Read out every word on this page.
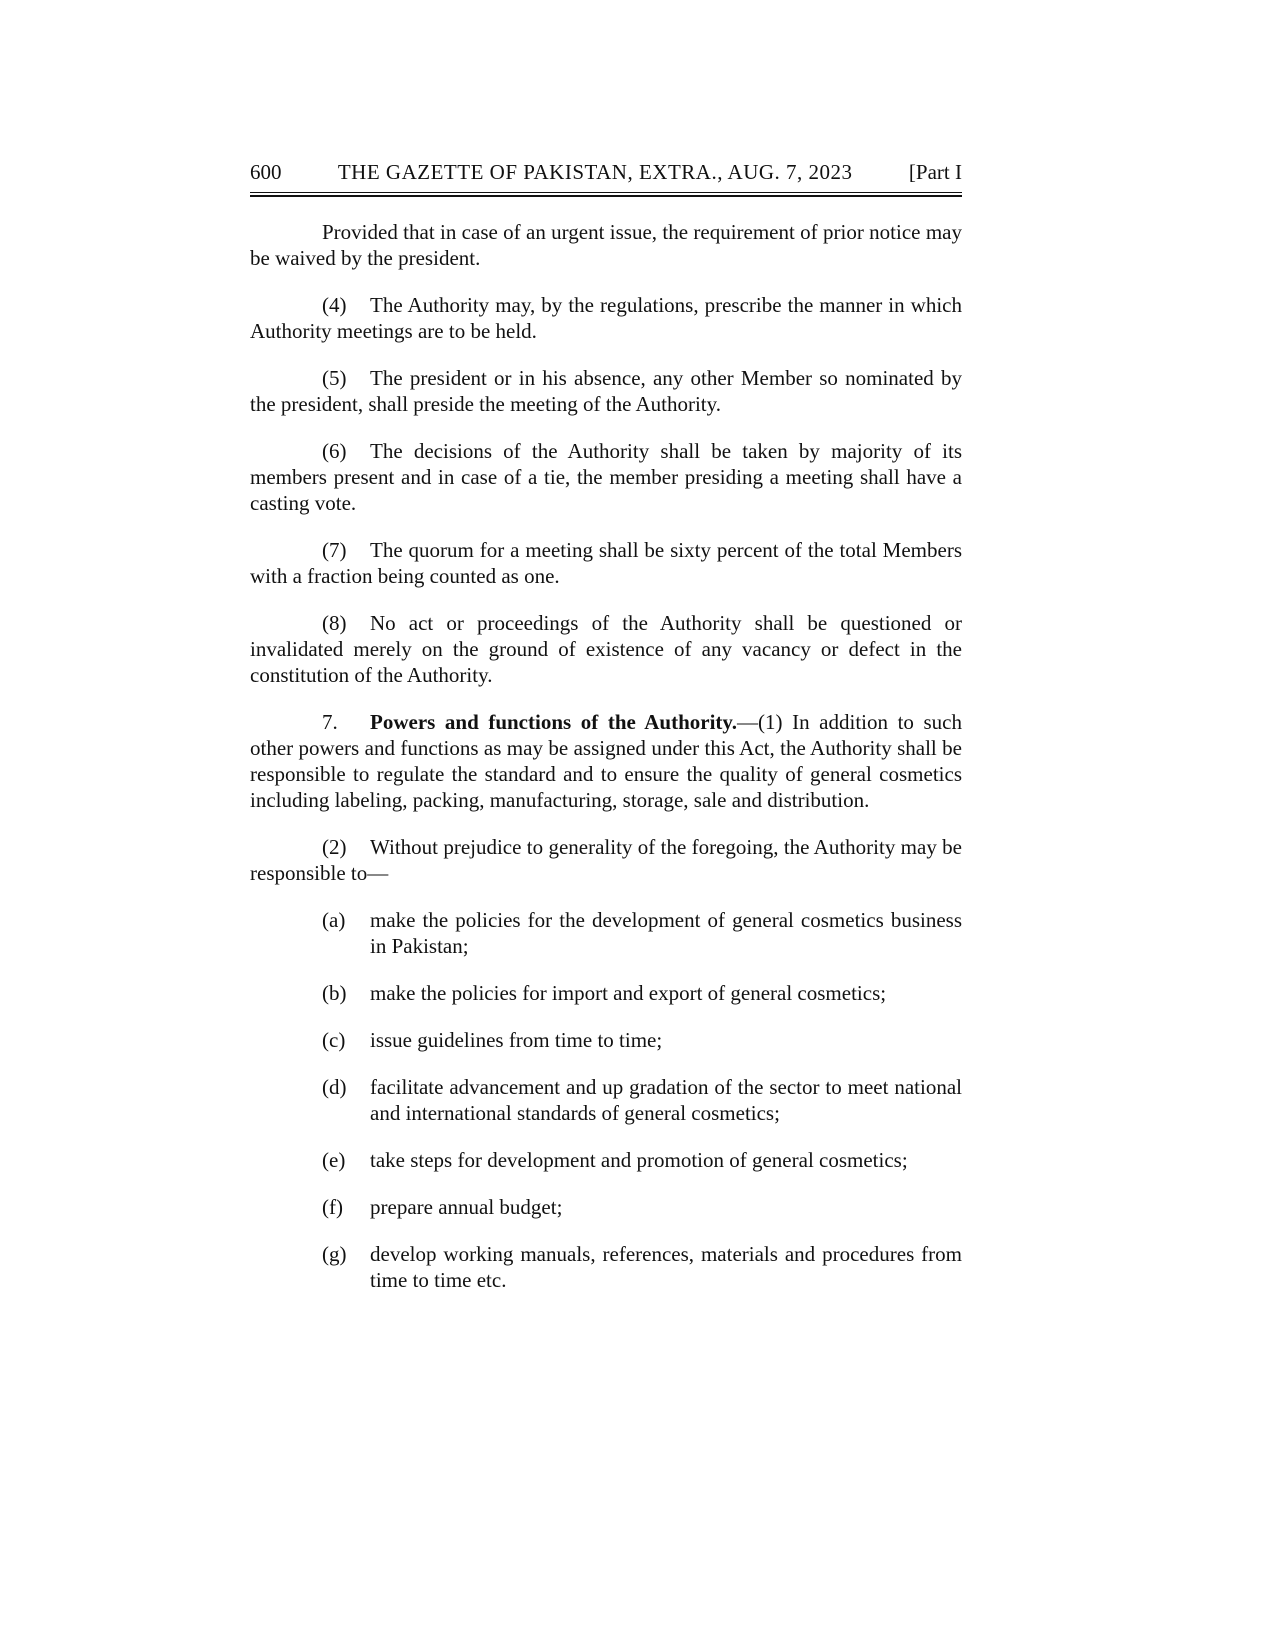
600	THE GAZETTE OF PAKISTAN, EXTRA., AUG. 7, 2023	[Part I

Provided that in case of an urgent issue, the requirement of prior notice may be waived by the president.

(4) The Authority may, by the regulations, prescribe the manner in which Authority meetings are to be held.

(5) The president or in his absence, any other Member so nominated by the president, shall preside the meeting of the Authority.

(6) The decisions of the Authority shall be taken by majority of its members present and in case of a tie, the member presiding a meeting shall have a casting vote.

(7) The quorum for a meeting shall be sixty percent of the total Members with a fraction being counted as one.

(8) No act or proceedings of the Authority shall be questioned or invalidated merely on the ground of existence of any vacancy or defect in the constitution of the Authority.

7. Powers and functions of the Authority.—(1) In addition to such other powers and functions as may be assigned under this Act, the Authority shall be responsible to regulate the standard and to ensure the quality of general cosmetics including labeling, packing, manufacturing, storage, sale and distribution.

(2) Without prejudice to generality of the foregoing, the Authority may be responsible to—

(a)	make the policies for the development of general cosmetics business in Pakistan;
(b)	make the policies for import and export of general cosmetics;
(c)	issue guidelines from time to time;
(d)	facilitate advancement and up gradation of the sector to meet national and international standards of general cosmetics;
(e)	take steps for development and promotion of general cosmetics;
(f)	prepare annual budget;
(g)	develop working manuals, references, materials and procedures from time to time etc.
